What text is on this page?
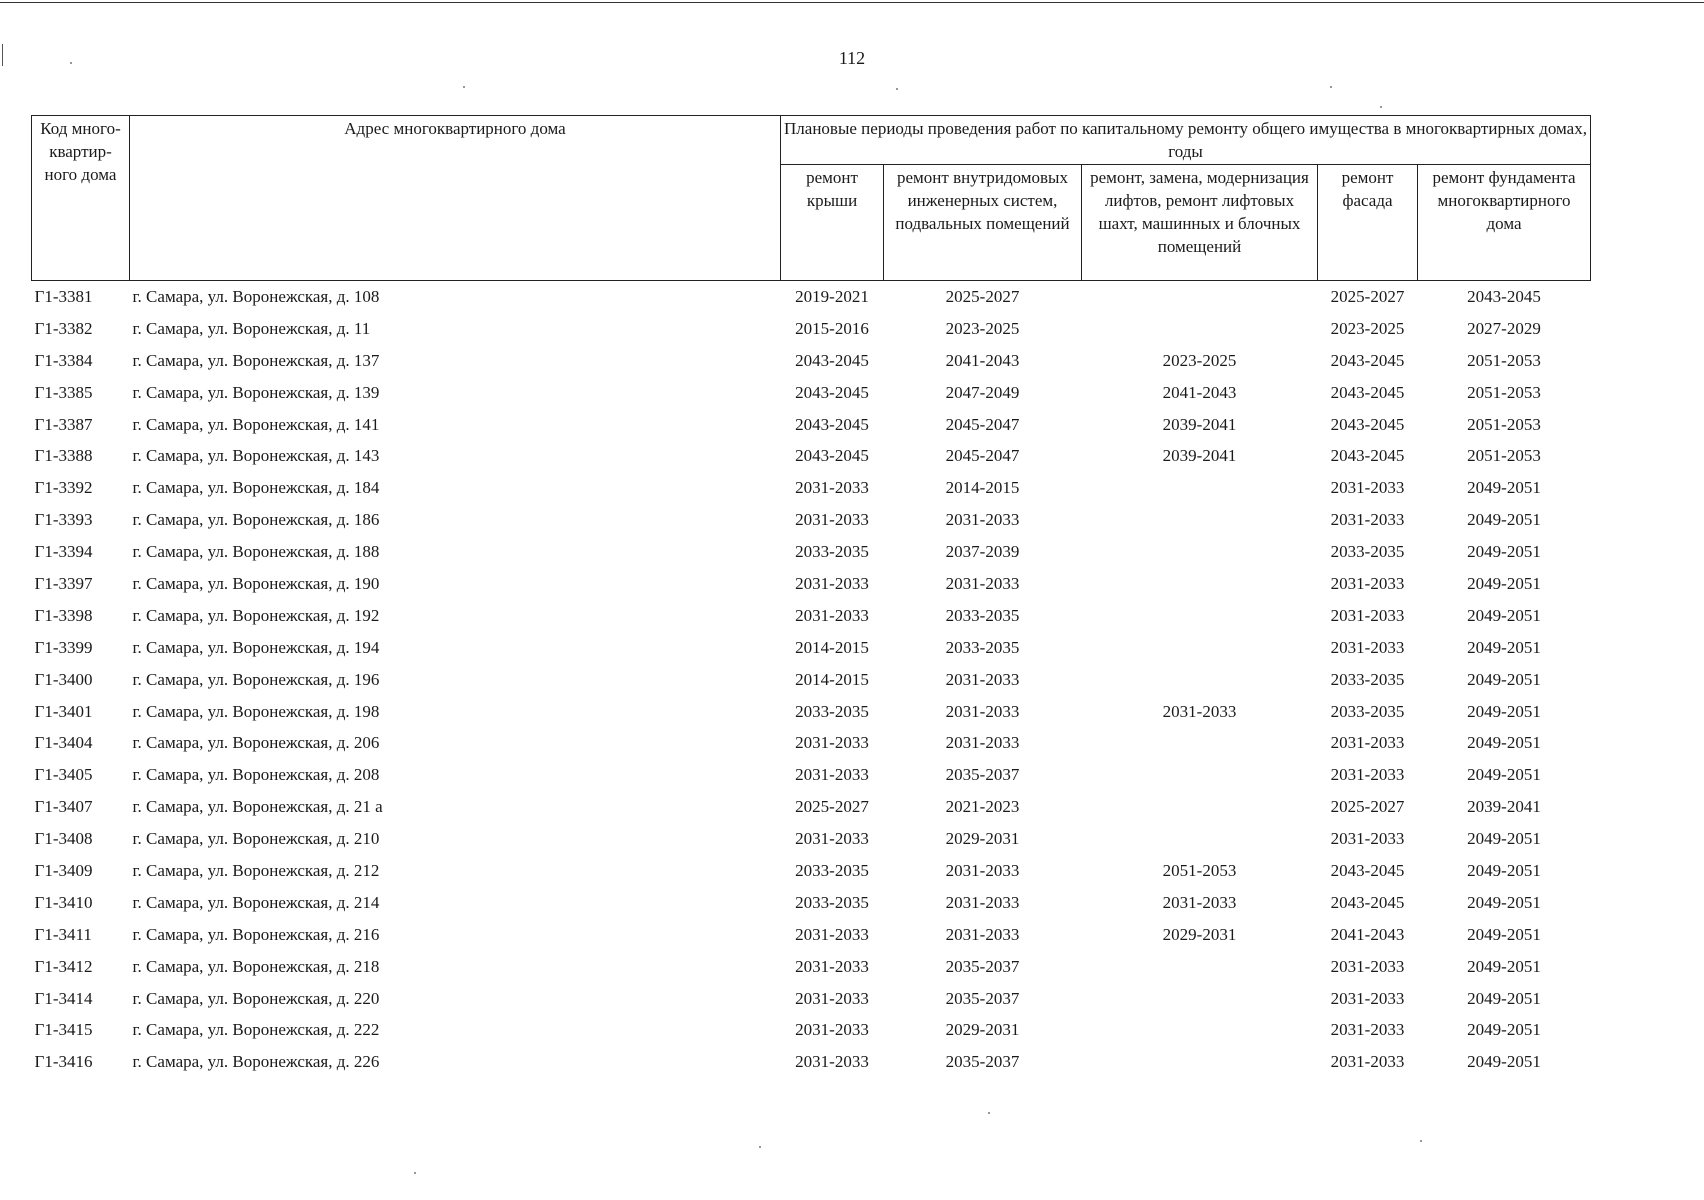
112
Код много-квартир-ного дома	Адрес многоквартирного дома	Плановые периоды проведения работ по капитальному ремонту общего имущества в многоквартирных домах, годы				
		ремонт крыши	ремонт внутридомовых инженерных систем, подвальных помещений	ремонт, замена, модернизация лифтов, ремонт лифтовых шахт, машинных и блочных помещений	ремонт фасада	ремонт фундамента многоквартирного дома
Г1-3381	г. Самара, ул. Воронежская, д. 108	2019-2021	2025-2027		2025-2027	2043-2045
Г1-3382	г. Самара, ул. Воронежская, д. 11	2015-2016	2023-2025		2023-2025	2027-2029
Г1-3384	г. Самара, ул. Воронежская, д. 137	2043-2045	2041-2043	2023-2025	2043-2045	2051-2053
Г1-3385	г. Самара, ул. Воронежская, д. 139	2043-2045	2047-2049	2041-2043	2043-2045	2051-2053
Г1-3387	г. Самара, ул. Воронежская, д. 141	2043-2045	2045-2047	2039-2041	2043-2045	2051-2053
Г1-3388	г. Самара, ул. Воронежская, д. 143	2043-2045	2045-2047	2039-2041	2043-2045	2051-2053
Г1-3392	г. Самара, ул. Воронежская, д. 184	2031-2033	2014-2015		2031-2033	2049-2051
Г1-3393	г. Самара, ул. Воронежская, д. 186	2031-2033	2031-2033		2031-2033	2049-2051
Г1-3394	г. Самара, ул. Воронежская, д. 188	2033-2035	2037-2039		2033-2035	2049-2051
Г1-3397	г. Самара, ул. Воронежская, д. 190	2031-2033	2031-2033		2031-2033	2049-2051
Г1-3398	г. Самара, ул. Воронежская, д. 192	2031-2033	2033-2035		2031-2033	2049-2051
Г1-3399	г. Самара, ул. Воронежская, д. 194	2014-2015	2033-2035		2031-2033	2049-2051
Г1-3400	г. Самара, ул. Воронежская, д. 196	2014-2015	2031-2033		2033-2035	2049-2051
Г1-3401	г. Самара, ул. Воронежская, д. 198	2033-2035	2031-2033	2031-2033	2033-2035	2049-2051
Г1-3404	г. Самара, ул. Воронежская, д. 206	2031-2033	2031-2033		2031-2033	2049-2051
Г1-3405	г. Самара, ул. Воронежская, д. 208	2031-2033	2035-2037		2031-2033	2049-2051
Г1-3407	г. Самара, ул. Воронежская, д. 21 а	2025-2027	2021-2023		2025-2027	2039-2041
Г1-3408	г. Самара, ул. Воронежская, д. 210	2031-2033	2029-2031		2031-2033	2049-2051
Г1-3409	г. Самара, ул. Воронежская, д. 212	2033-2035	2031-2033	2051-2053	2043-2045	2049-2051
Г1-3410	г. Самара, ул. Воронежская, д. 214	2033-2035	2031-2033	2031-2033	2043-2045	2049-2051
Г1-3411	г. Самара, ул. Воронежская, д. 216	2031-2033	2031-2033	2029-2031	2041-2043	2049-2051
Г1-3412	г. Самара, ул. Воронежская, д. 218	2031-2033	2035-2037		2031-2033	2049-2051
Г1-3414	г. Самара, ул. Воронежская, д. 220	2031-2033	2035-2037		2031-2033	2049-2051
Г1-3415	г. Самара, ул. Воронежская, д. 222	2031-2033	2029-2031		2031-2033	2049-2051
Г1-3416	г. Самара, ул. Воронежская, д. 226	2031-2033	2035-2037		2031-2033	2049-2051
